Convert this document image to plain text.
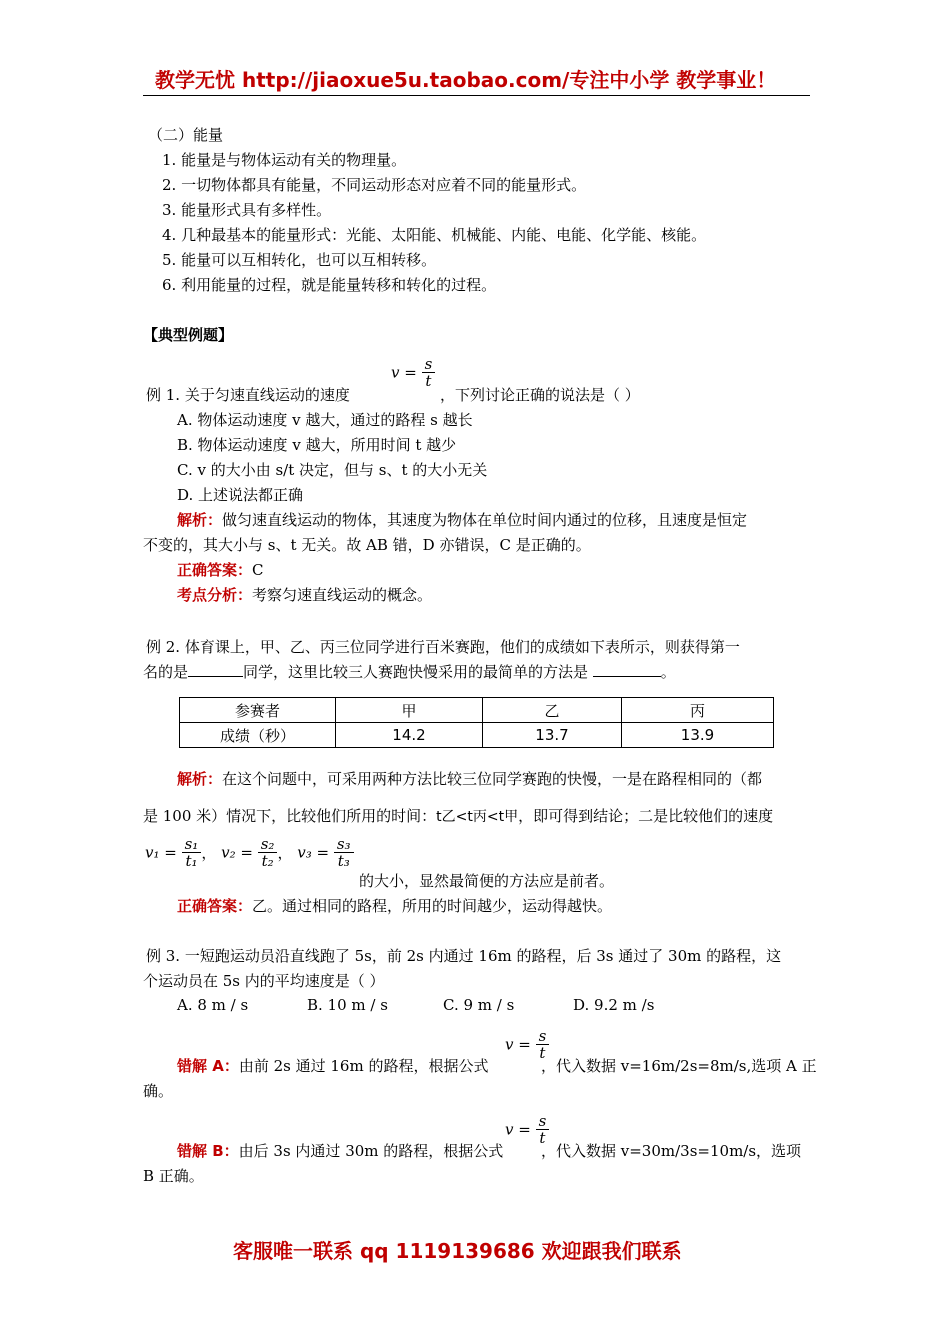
教学无忧 http://jiaoxue5u.taobao.com/专注中小学 教学事业！
（二）能量
1. 能量是与物体运动有关的物理量。
2. 一切物体都具有能量，不同运动形态对应着不同的能量形式。
3. 能量形式具有多样性。
4. 几种最基本的能量形式：光能、太阳能、机械能、内能、电能、化学能、核能。
5. 能量可以互相转化，也可以互相转移。
6. 利用能量的过程，就是能量转移和转化的过程。
【典型例题】
例 1. 关于匀速直线运动的速度
$v = \frac{s}{t}$
，下列讨论正确的说法是（ ）
A. 物体运动速度 v 越大，通过的路程 s 越长
B. 物体运动速度 v 越大，所用时间 t 越少
C. v 的大小由 s/t 决定，但与 s、t 的大小无关
D. 上述说法都正确
解析：做匀速直线运动的物体，其速度为物体在单位时间内通过的位移，且速度是恒定
不变的，其大小与 s、t 无关。故 AB 错，D 亦错误，C 是正确的。
正确答案：C
考点分析：考察匀速直线运动的概念。
例 2. 体育课上，甲、乙、丙三位同学进行百米赛跑，他们的成绩如下表所示，则获得第一
名的是	同学，这里比较三人赛跑快慢采用的最简单的方法是	。
参赛者	甲	乙	丙
成绩（秒）	14.2	13.7	13.9
解析：在这个问题中，可采用两种方法比较三位同学赛跑的快慢，一是在路程相同的（都
是 100 米）情况下，比较他们所用的时间：t乙<t丙<t甲，即可得到结论；二是比较他们的速度
$v_1 = \frac{\text{s₁}}{\text{t₁}}$ ， $v_2 = \frac{\text{s₂}}{\text{t₂}}$ ， $v_3 = \frac{\text{s₃}}{\text{t₃}}$
的大小，显然最简便的方法应是前者。
正确答案：乙。通过相同的路程，所用的时间越少，运动得越快。
例 3. 一短跑运动员沿直线跑了 5s，前 2s 内通过 16m 的路程，后 3s 通过了 30m 的路程，这
个运动员在 5s 内的平均速度是（ ）
A. 8 m / s	B. 10 m / s	C. 9 m / s	D. 9.2 m /s
$v = \frac{s}{t}$
错解 A：由前 2s 通过 16m 的路程，根据公式	，代入数据 v=16m/2s=8m/s,选项 A 正
确。
$v = \frac{s}{t}$
错解 B：由后 3s 内通过 30m 的路程，根据公式	，代入数据 v=30m/3s=10m/s，选项
B 正确。
客服唯一联系 qq 1119139686 欢迎跟我们联系
